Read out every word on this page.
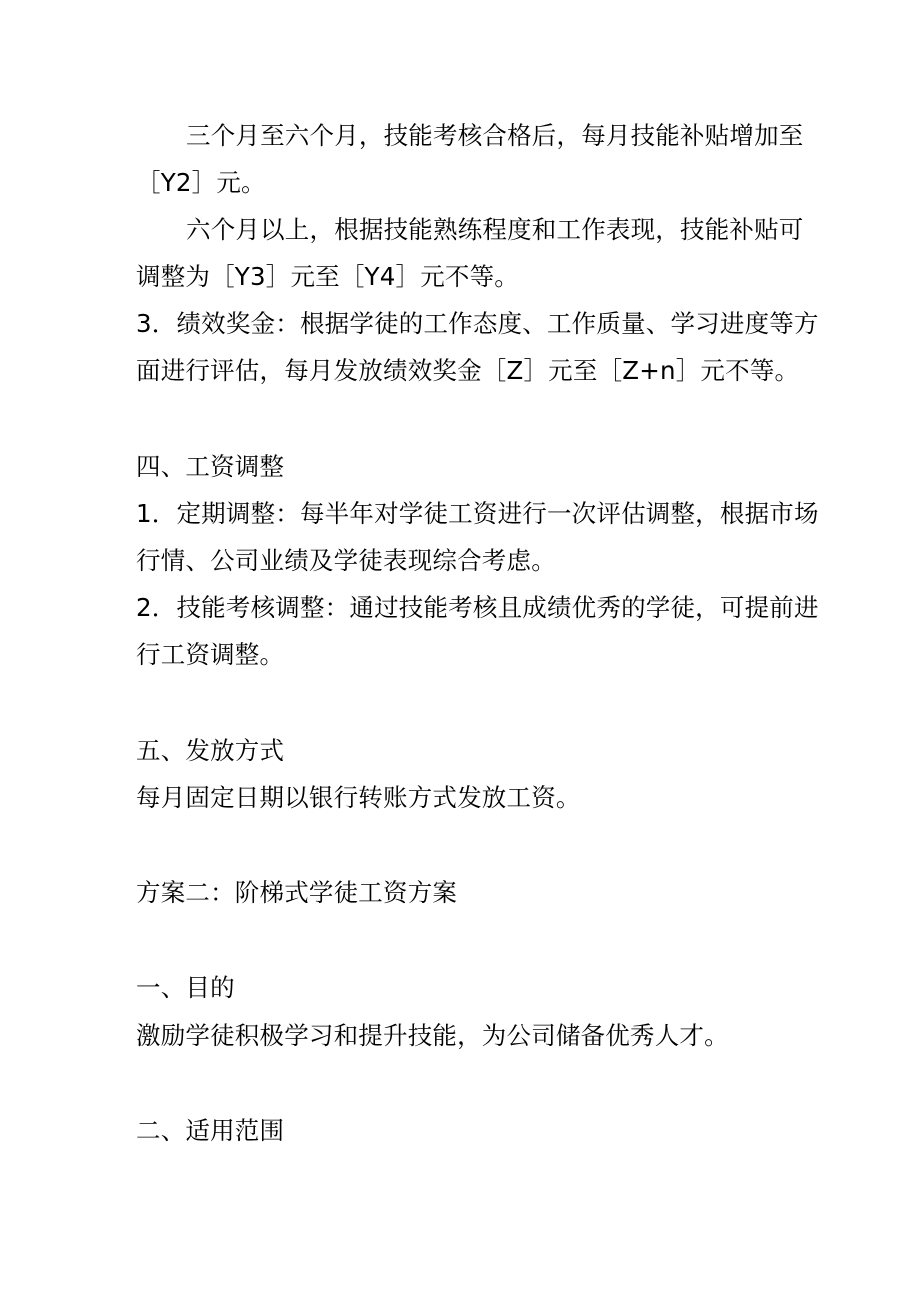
三个月至六个月，技能考核合格后，每月技能补贴增加至
［Y2］元。
六个月以上，根据技能熟练程度和工作表现，技能补贴可
调整为［Y3］元至［Y4］元不等。
3．绩效奖金：根据学徒的工作态度、工作质量、学习进度等方
面进行评估，每月发放绩效奖金［Z］元至［Z+n］元不等。
四、工资调整
1．定期调整：每半年对学徒工资进行一次评估调整，根据市场
行情、公司业绩及学徒表现综合考虑。
2．技能考核调整：通过技能考核且成绩优秀的学徒，可提前进
行工资调整。
五、发放方式
每月固定日期以银行转账方式发放工资。
方案二：阶梯式学徒工资方案
一、目的
激励学徒积极学习和提升技能，为公司储备优秀人才。
二、适用范围
